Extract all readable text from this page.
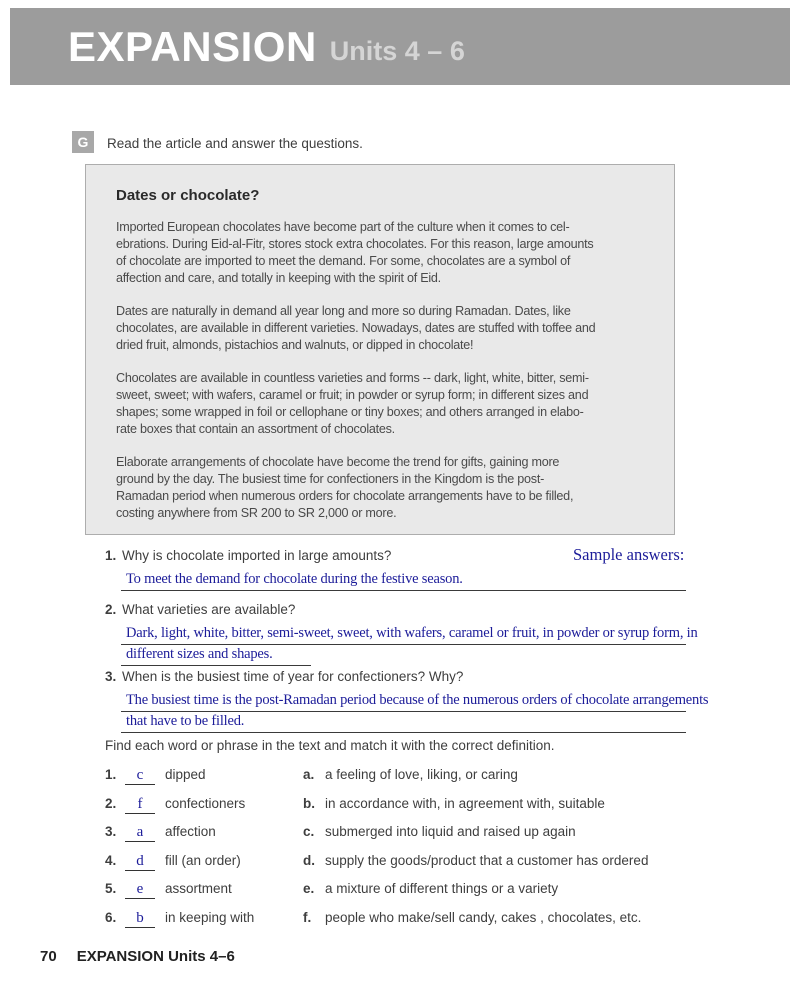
EXPANSION Units 4 – 6
G	Read the article and answer the questions.
Dates or chocolate?
Imported European chocolates have become part of the culture when it comes to cel-
ebrations. During Eid-al-Fitr, stores stock extra chocolates. For this reason, large amounts
of chocolate are imported to meet the demand. For some, chocolates are a symbol of
affection and care, and totally in keeping with the spirit of Eid.
Dates are naturally in demand all year long and more so during Ramadan. Dates, like
chocolates, are available in different varieties. Nowadays, dates are stuffed with toffee and
dried fruit, almonds, pistachios and walnuts, or dipped in chocolate!
Chocolates are available in countless varieties and forms -- dark, light, white, bitter, semi-
sweet, sweet; with wafers, caramel or fruit; in powder or syrup form; in different sizes and
shapes; some wrapped in foil or cellophane or tiny boxes; and others arranged in elabo-
rate boxes that contain an assortment of chocolates.
Elaborate arrangements of chocolate have become the trend for gifts, gaining more
ground by the day. The busiest time for confectioners in the Kingdom is the post-
Ramadan period when numerous orders for chocolate arrangements have to be filled,
costing anywhere from SR 200 to SR 2,000 or more.
Sample answers:
1. Why is chocolate imported in large amounts?
To meet the demand for chocolate during the festive season.
2. What varieties are available?
Dark, light, white, bitter, semi-sweet, sweet, with wafers, caramel or fruit, in powder or syrup form, in
different sizes and shapes.
3. When is the busiest time of year for confectioners? Why?
The busiest time is the post-Ramadan period because of the numerous orders of chocolate arrangements
that have to be filled.
Find each word or phrase in the text and match it with the correct definition.
1.	c	dipped	a. a feeling of love, liking, or caring
2.	f	confectioners	b. in accordance with, in agreement with, suitable
3.	a	affection	c. submerged into liquid and raised up again
4.	d	fill (an order)	d. supply the goods/product that a customer has ordered
5.	e	assortment	e. a mixture of different things or a variety
6.	b	in keeping with	f.	people who make/sell candy, cakes , chocolates, etc.
70 EXPANSION Units 4–6
